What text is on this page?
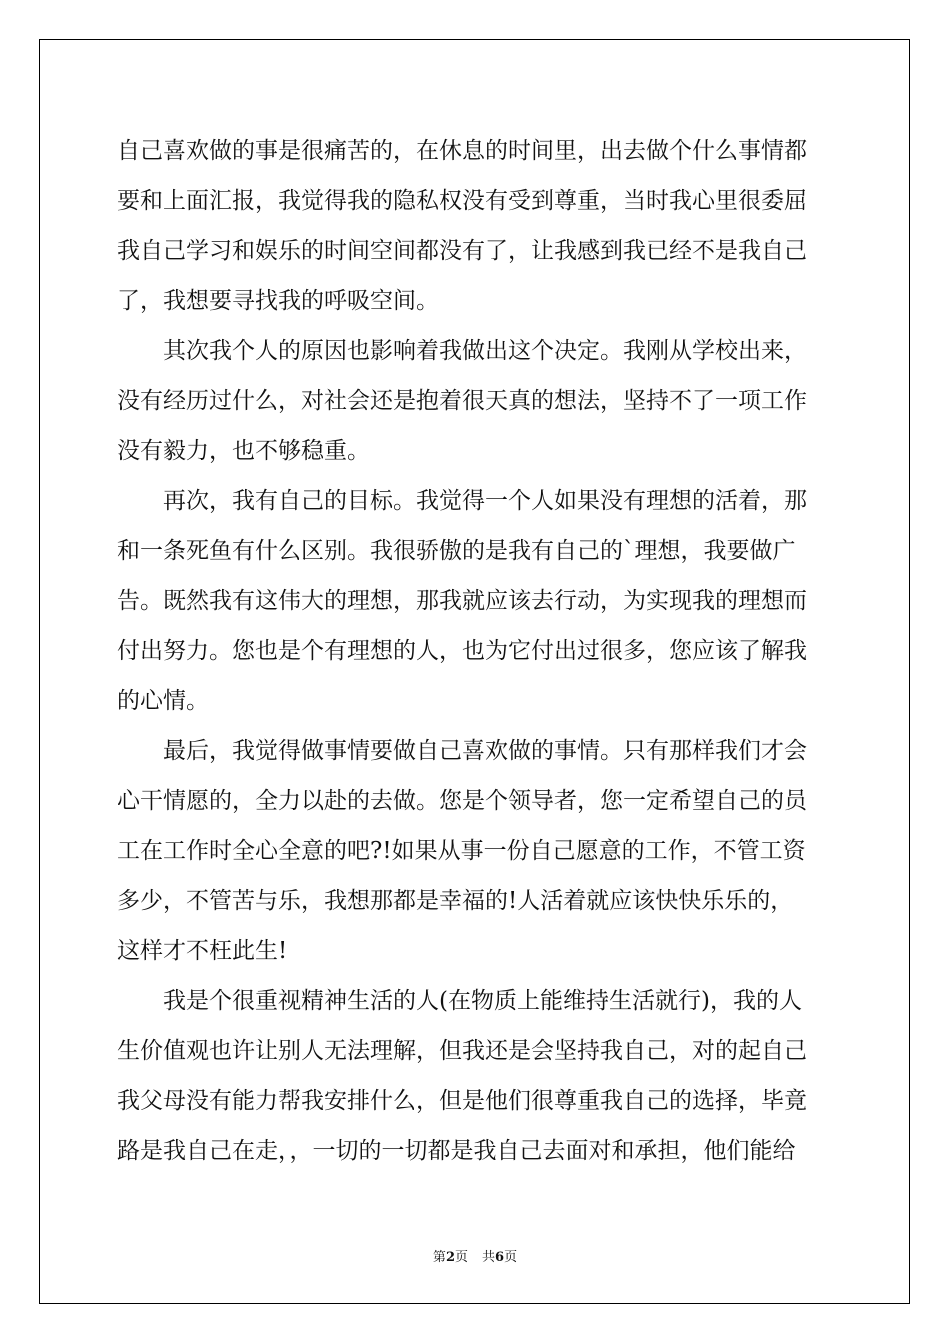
自己喜欢做的事是很痛苦的，在休息的时间里，出去做个什么事情都
要和上面汇报，我觉得我的隐私权没有受到尊重，当时我心里很委屈
我自己学习和娱乐的时间空间都没有了，让我感到我已经不是我自己
了，我想要寻找我的呼吸空间。
其次我个人的原因也影响着我做出这个决定。我刚从学校出来，
没有经历过什么，对社会还是抱着很天真的想法，坚持不了一项工作
没有毅力，也不够稳重。
再次，我有自己的目标。我觉得一个人如果没有理想的活着，那
和一条死鱼有什么区别。我很骄傲的是我有自己的`理想，我要做广
告。既然我有这伟大的理想，那我就应该去行动，为实现我的理想而
付出努力。您也是个有理想的人，也为它付出过很多，您应该了解我
的心情。
最后，我觉得做事情要做自己喜欢做的事情。只有那样我们才会
心干情愿的，全力以赴的去做。您是个领导者，您一定希望自己的员
工在工作时全心全意的吧?!如果从事一份自己愿意的工作，不管工资
多少，不管苦与乐，我想那都是幸福的!人活着就应该快快乐乐的，
这样才不枉此生!
我是个很重视精神生活的人(在物质上能维持生活就行)，我的人
生价值观也许让别人无法理解，但我还是会坚持我自己，对的起自己
我父母没有能力帮我安排什么，但是他们很尊重我自己的选择，毕竟
路是我自己在走，，一切的一切都是我自己去面对和承担，他们能给
第2页 共6页
